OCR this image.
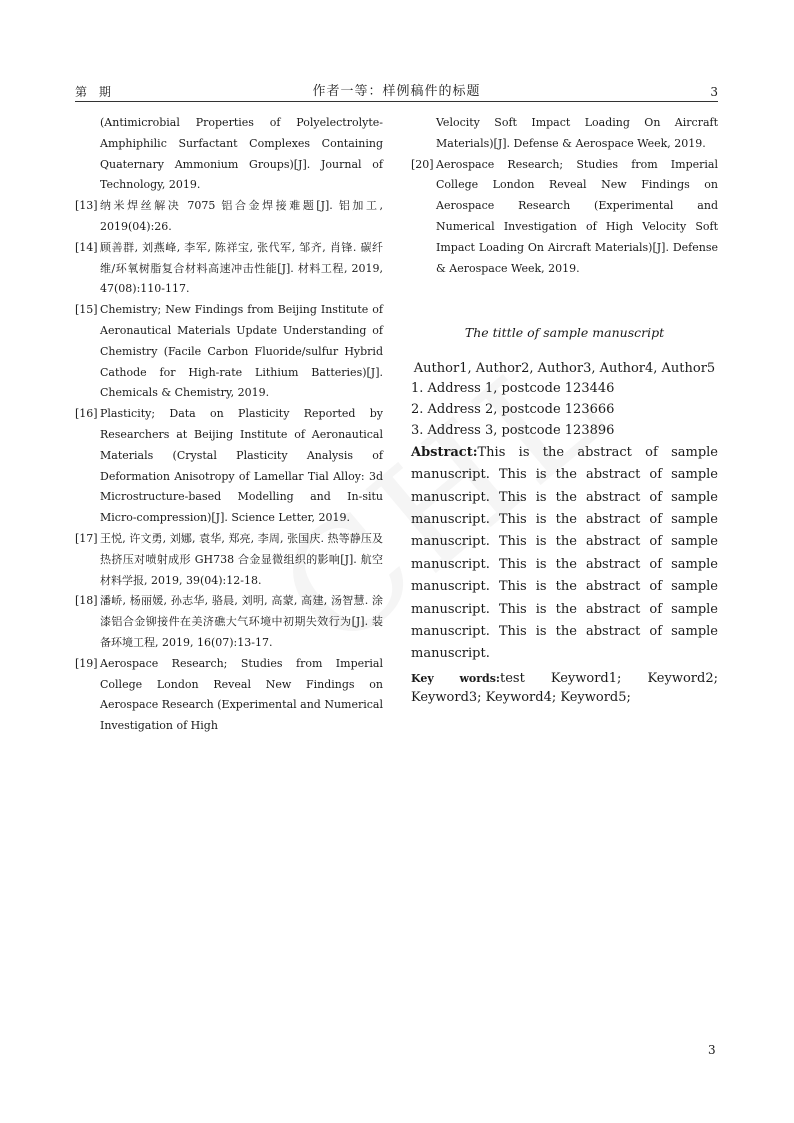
第 期	作者一等：样例稿件的标题	3
(Antimicrobial Properties of Polyelectrolyte-Amphiphilic Surfactant Complexes Containing Quaternary Ammonium Groups)[J]. Journal of Technology, 2019.
[13] 纳米焊丝解决 7075 铝合金焊接难题[J]. 铝加工, 2019(04):26.
[14] 顾善群, 刘燕峰, 李军, 陈祥宝, 张代军, 邹齐, 肖锋. 碳纤维/环氧树脂复合材料高速冲击性能[J]. 材料工程, 2019, 47(08):110-117.
[15] Chemistry; New Findings from Beijing Institute of Aeronautical Materials Update Understanding of Chemistry (Facile Carbon Fluoride/sulfur Hybrid Cathode for High-rate Lithium Batteries)[J]. Chemicals & Chemistry, 2019.
[16] Plasticity; Data on Plasticity Reported by Researchers at Beijing Institute of Aeronautical Materials (Crystal Plasticity Analysis of Deformation Anisotropy of Lamellar Tial Alloy: 3d Microstructure-based Modelling and In-situ Micro-compression)[J]. Science Letter, 2019.
[17] 王悦, 许文勇, 刘娜, 袁华, 郑亮, 李周, 张国庆. 热等静压及热挤压对喷射成形 GH738 合金显微组织的影响[J]. 航空材料学报, 2019, 39(04):12-18.
[18] 潘峤, 杨丽媛, 孙志华, 骆晨, 刘明, 高蒙, 高建, 汤智慧. 涂漆铝合金铆接件在美济礁大气环境中初期失效行为[J]. 装备环境工程, 2019, 16(07):13-17.
[19] Aerospace Research; Studies from Imperial College London Reveal New Findings on Aerospace Research (Experimental and Numerical Investigation of High
Velocity Soft Impact Loading On Aircraft Materials)[J]. Defense & Aerospace Week, 2019.
[20] Aerospace Research; Studies from Imperial College London Reveal New Findings on Aerospace Research (Experimental and Numerical Investigation of High Velocity Soft Impact Loading On Aircraft Materials)[J]. Defense & Aerospace Week, 2019.
The tittle of sample manuscript
Author1, Author2, Author3, Author4, Author5

1. Address 1, postcode 123446

2. Address 2, postcode 123666

3. Address 3, postcode 123896

Abstract:This is the abstract of sample manuscript. This is the abstract of sample manuscript. This is the abstract of sample manuscript. This is the abstract of sample manuscript. This is the abstract of sample manuscript. This is the abstract of sample manuscript. This is the abstract of sample manuscript. This is the abstract of sample manuscript. This is the abstract of sample manuscript.

Key words:test Keyword1; Keyword2; Keyword3; Keyword4; Keyword5;

3
